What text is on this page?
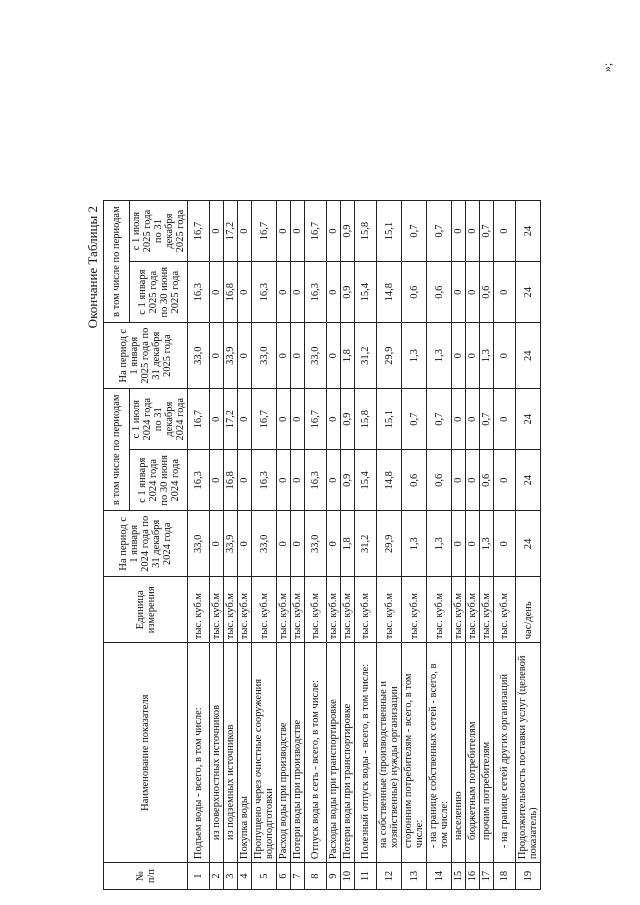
»;
Окончание Таблицы 2
№ п/п	Наименование показателя	Единица измерения	На период с 1 января 2024 года по 31 декабря 2024 года	в том числе по периодам		На период с 1 января 2025 года по 31 декабря 2025 года	в том числе по периодам	
				с 1 января 2024 года по 30 июня 2024 года	с 1 июля 2024 года по 31 декабря 2024 года		с 1 января 2025 года по 30 июня 2025 года	с 1 июля 2025 года по 31 декабря 2025 года
1	Подъем воды - всего, в том числе:	тыс. куб.м	33,0	16,3	16,7	33,0	16,3	16,7
2	из поверхностных источников	тыс. куб.м	0	0	0	0	0	0
3	из подземных источников	тыс. куб.м	33,9	16,8	17,2	33,9	16,8	17,2
4	Покупка воды	тыс. куб.м	0	0	0	0	0	0
5	Пропущено через очистные сооружения водоподготовки	тыс. куб.м	33,0	16,3	16,7	33,0	16,3	16,7
6	Расход воды при производстве	тыс. куб.м	0	0	0	0	0	0
7	Потери воды при производстве	тыс. куб.м	0	0	0	0	0	0
8	Отпуск воды в сеть - всего, в том числе:	тыс. куб.м	33,0	16,3	16,7	33,0	16,3	16,7
9	Расходы воды при транспортировке	тыс. куб.м	0	0	0	0	0	0
10	Потери воды при транспортировке	тыс. куб.м	1,8	0,9	0,9	1,8	0,9	0,9
11	Полезный отпуск воды - всего, в том числе:	тыс. куб.м	31,2	15,4	15,8	31,2	15,4	15,8
12	на собственные (производственные и хозяйственные) нужды организации	тыс. куб.м	29,9	14,8	15,1	29,9	14,8	15,1
13	сторонним потребителям - всего, в том числе:	тыс. куб.м	1,3	0,6	0,7	1,3	0,6	0,7
14	- на границе собственных сетей - всего, в том числе:	тыс. куб.м	1,3	0,6	0,7	1,3	0,6	0,7
15	населению	тыс. куб.м	0	0	0	0	0	0
16	бюджетным потребителям	тыс. куб.м	0	0	0	0	0	0
17	прочим потребителям	тыс. куб.м	1,3	0,6	0,7	1,3	0,6	0,7
18	- на границе сетей других организаций	тыс. куб.м	0	0	0	0	0	0
19	Продолжительность поставки услуг (целевой показатель)	час/день	24	24	24	24	24	24
